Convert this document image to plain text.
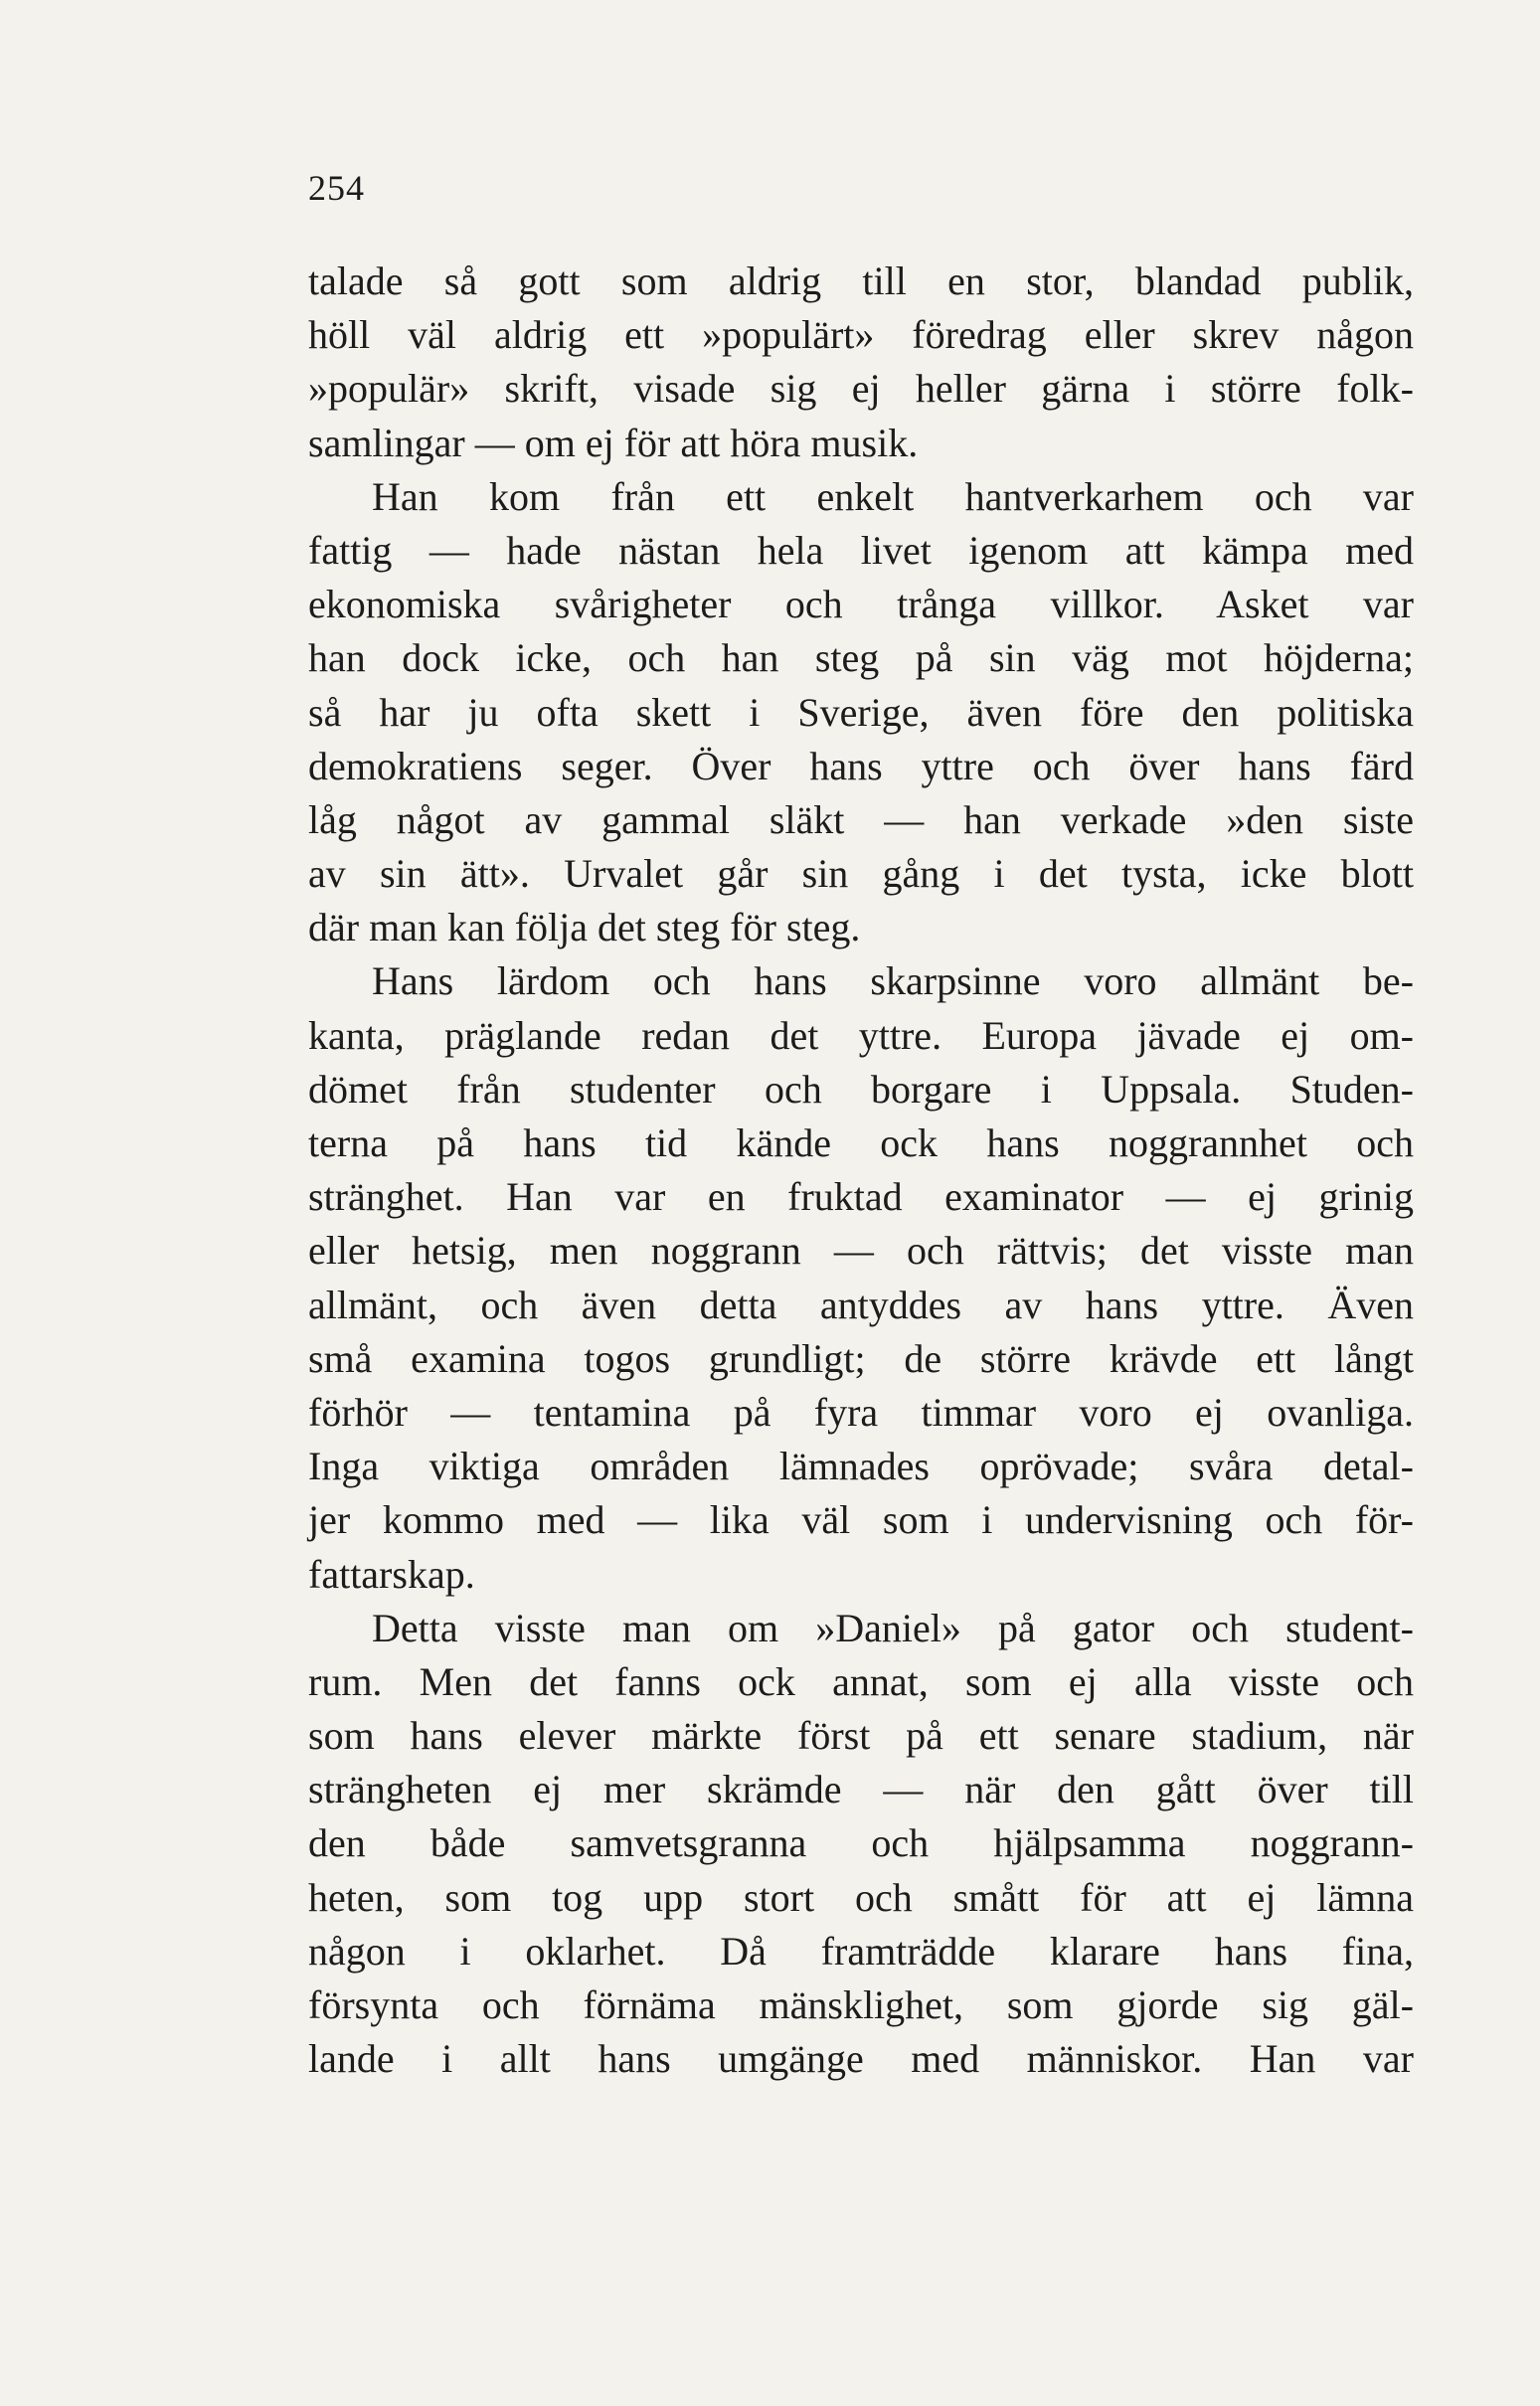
254
talade så gott som aldrig till en stor, blandad publik,
höll väl aldrig ett »populärt» föredrag eller skrev någon
»populär» skrift, visade sig ej heller gärna i större folk-
samlingar — om ej för att höra musik.
Han kom från ett enkelt hantverkarhem och var
fattig — hade nästan hela livet igenom att kämpa med
ekonomiska svårigheter och trånga villkor. Asket var
han dock icke, och han steg på sin väg mot höjderna;
så har ju ofta skett i Sverige, även före den politiska
demokratiens seger. Över hans yttre och över hans färd
låg något av gammal släkt — han verkade »den siste
av sin ätt». Urvalet går sin gång i det tysta, icke blott
där man kan följa det steg för steg.
Hans lärdom och hans skarpsinne voro allmänt be-
kanta, präglande redan det yttre. Europa jävade ej om-
dömet från studenter och borgare i Uppsala. Studen-
terna på hans tid kände ock hans noggrannhet och
stränghet. Han var en fruktad examinator — ej grinig
eller hetsig, men noggrann — och rättvis; det visste man
allmänt, och även detta antyddes av hans yttre. Även
små examina togos grundligt; de större krävde ett långt
förhör — tentamina på fyra timmar voro ej ovanliga.
Inga viktiga områden lämnades oprövade; svåra detal-
jer kommo med — lika väl som i undervisning och för-
fattarskap.
Detta visste man om »Daniel» på gator och student-
rum. Men det fanns ock annat, som ej alla visste och
som hans elever märkte först på ett senare stadium, när
strängheten ej mer skrämde — när den gått över till
den både samvetsgranna och hjälpsamma noggrann-
heten, som tog upp stort och smått för att ej lämna
någon i oklarhet. Då framträdde klarare hans fina,
försynta och förnäma mänsklighet, som gjorde sig gäl-
lande i allt hans umgänge med människor. Han var
